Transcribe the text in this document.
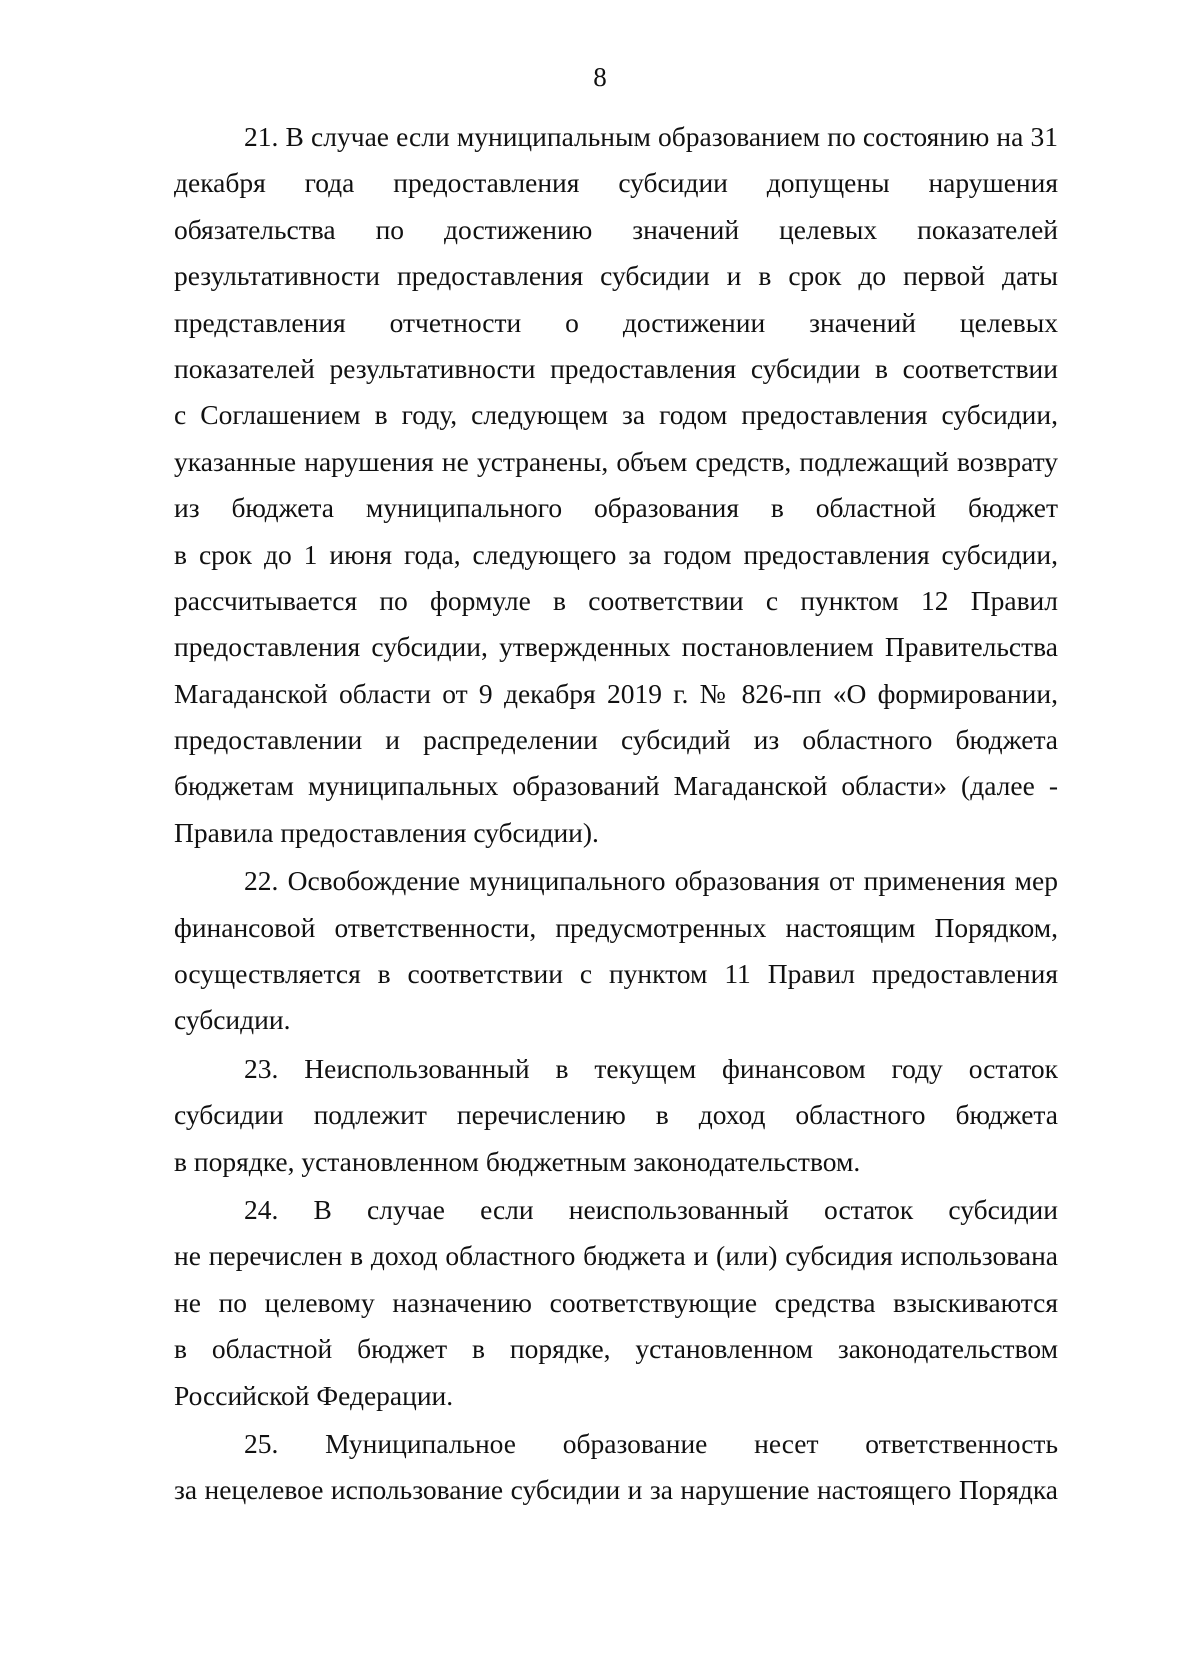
8
21. В случае если муниципальным образованием по состоянию на 31
декабря года предоставления субсидии допущены нарушения
обязательства по достижению значений целевых показателей
результативности предоставления субсидии и в срок до первой даты
представления отчетности о достижении значений целевых
показателей результативности предоставления субсидии в соответствии
с Соглашением в году, следующем за годом предоставления субсидии,
указанные нарушения не устранены, объем средств, подлежащий возврату
из бюджета муниципального образования в областной бюджет
в срок до 1 июня года, следующего за годом предоставления субсидии,
рассчитывается по формуле в соответствии с пунктом 12 Правил
предоставления субсидии, утвержденных постановлением Правительства
Магаданской области от 9 декабря 2019 г. № 826-пп «О формировании,
предоставлении и распределении субсидий из областного бюджета
бюджетам муниципальных образований Магаданской области» (далее -
Правила предоставления субсидии).
22. Освобождение муниципального образования от применения мер
финансовой ответственности, предусмотренных настоящим Порядком,
осуществляется в соответствии с пунктом 11 Правил предоставления
субсидии.
23. Неиспользованный в текущем финансовом году остаток
субсидии подлежит перечислению в доход областного бюджета
в порядке, установленном бюджетным законодательством.
24. В случае если неиспользованный остаток субсидии
не перечислен в доход областного бюджета и (или) субсидия использована
не по целевому назначению соответствующие средства взыскиваются
в областной бюджет в порядке, установленном законодательством
Российской Федерации.
25. Муниципальное образование несет ответственность
за нецелевое использование субсидии и за нарушение настоящего Порядка
